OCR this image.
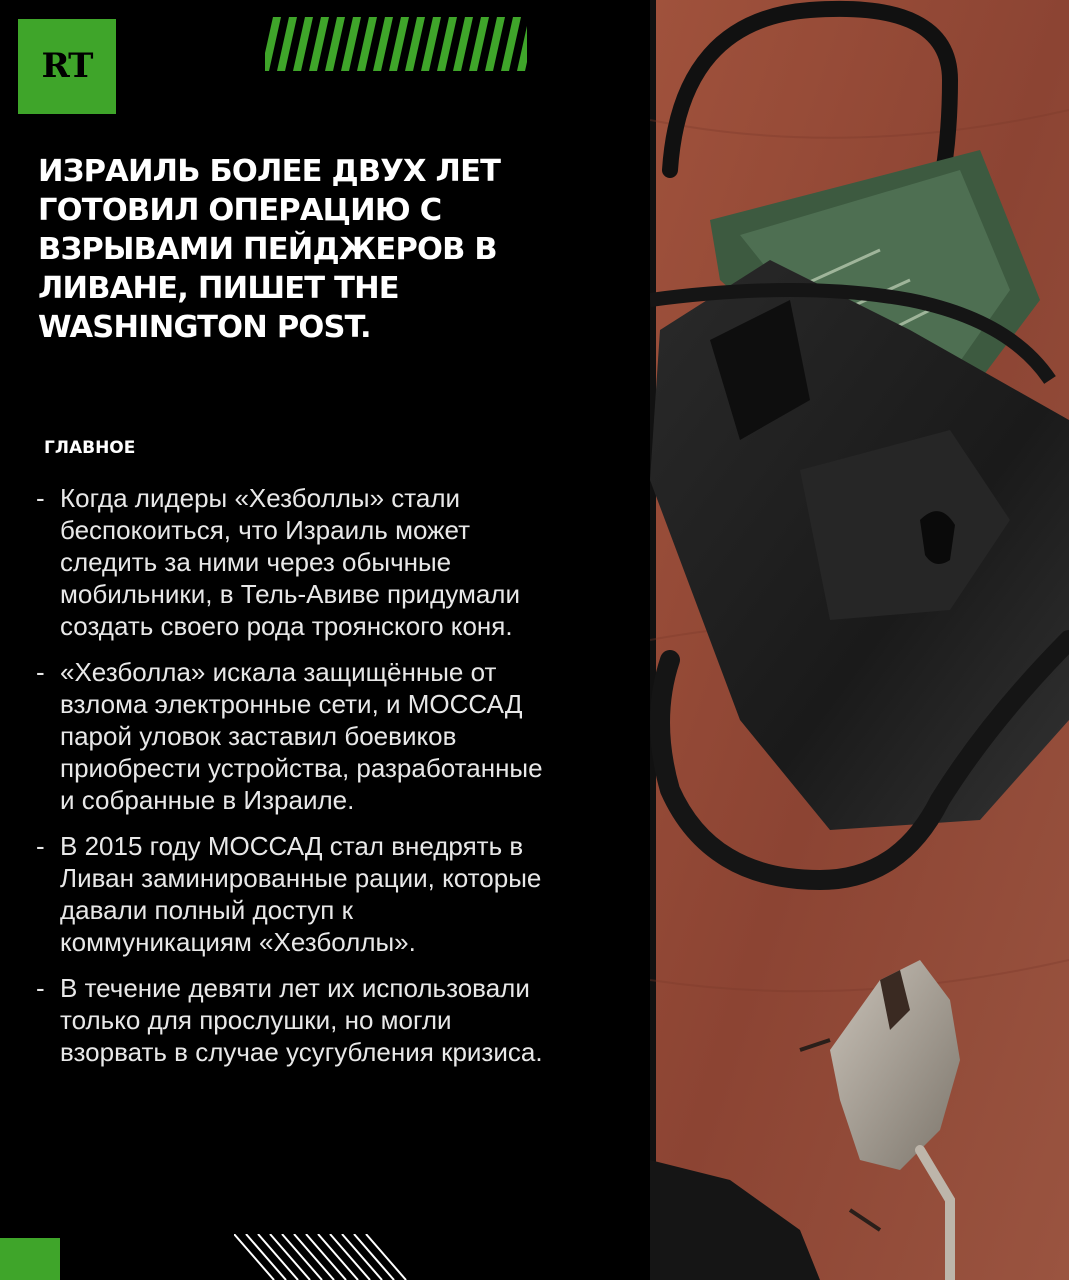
RT
ИЗРАИЛЬ БОЛЕЕ ДВУХ ЛЕТ ГОТОВИЛ ОПЕРАЦИЮ С ВЗРЫВАМИ ПЕЙДЖЕРОВ В ЛИВАНЕ, ПИШЕТ THE WASHINGTON POST.
ГЛАВНОЕ
- Когда лидеры «Хезболлы» стали беспокоиться, что Израиль может следить за ними через обычные мобильники, в Тель-Авиве придумали создать своего рода троянского коня.
- «Хезболла» искала защищённые от взлома электронные сети, и МОССАД парой уловок заставил боевиков приобрести устройства, разработанные и собранные в Израиле.
- В 2015 году МОССАД стал внедрять в Ливан заминированные рации, которые давали полный доступ к коммуникациям «Хезболлы».
- В течение девяти лет их использовали только для прослушки, но могли взорвать в случае усугубления кризиса.
